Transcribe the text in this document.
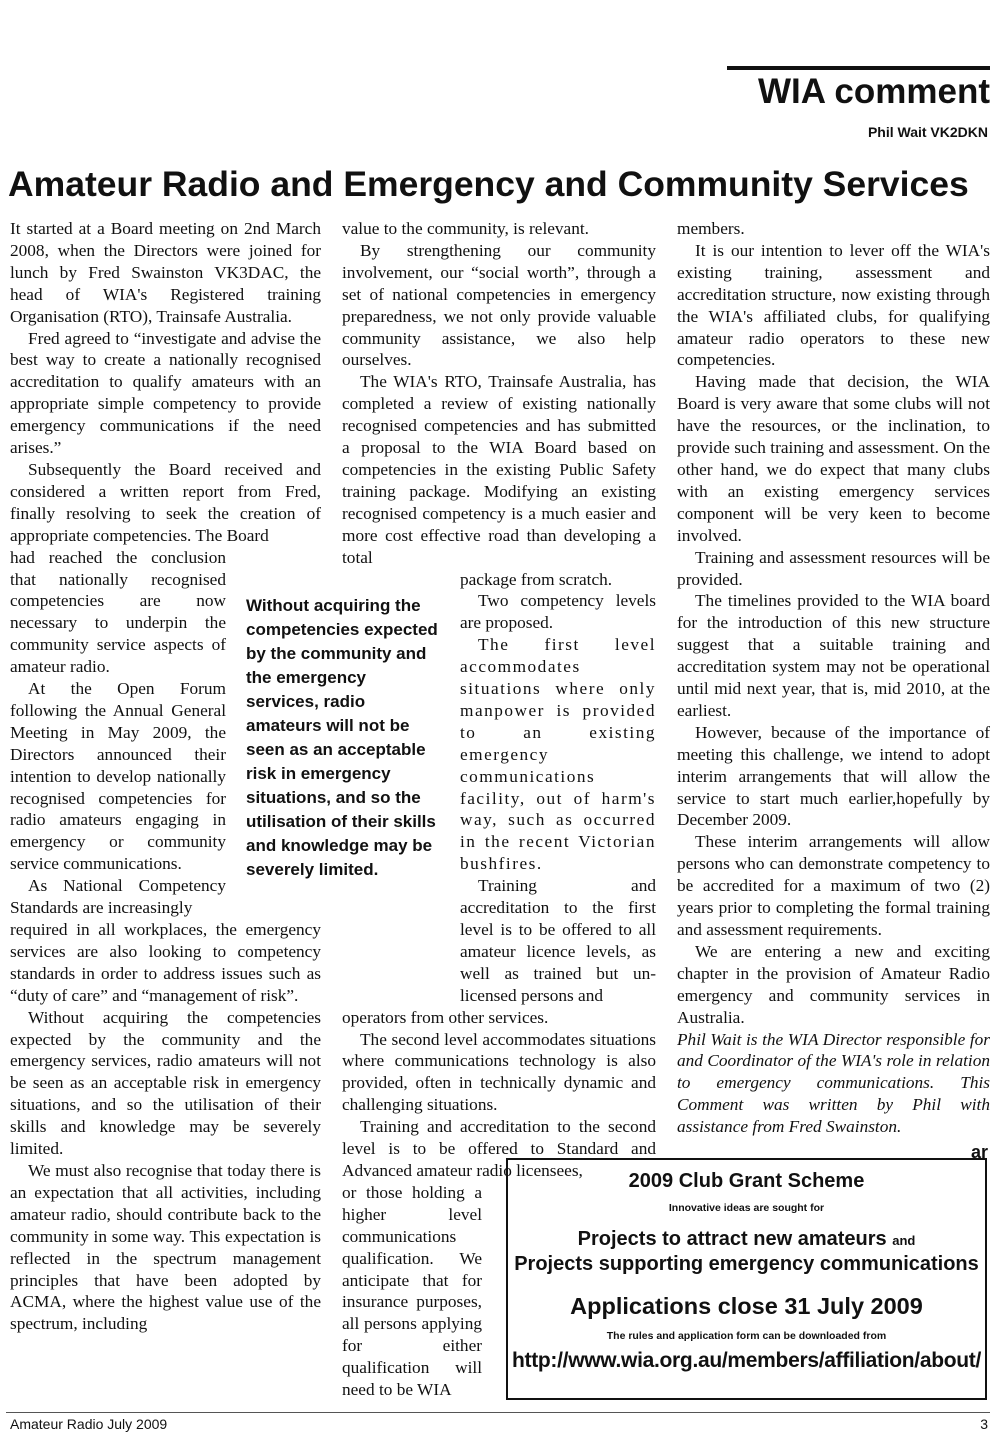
WIA comment
Phil Wait VK2DKN
Amateur Radio and Emergency and Community Services

It started at a Board meeting on 2nd March 2008, when the Directors were joined for lunch by Fred Swainston VK3DAC, the head of WIA's Registered training Organisation (RTO), Trainsafe Australia.

Fred agreed to “investigate and advise the best way to create a nationally recognised accreditation to qualify amateurs with an appropriate simple competency to provide emergency communications if the need arises.”

Subsequently the Board received and considered a written report from Fred, finally resolving to seek the creation of appropriate competencies. The Board

had reached the conclusion that nationally recognised competencies are now necessary to underpin the community service aspects of amateur radio.

At the Open Forum following the Annual General Meeting in May 2009, the Directors announced their intention to develop nationally recognised competencies for radio amateurs engaging in emergency or community service communications.

As National Competency Standards are increasingly

required in all workplaces, the emergency services are also looking to competency standards in order to address issues such as “duty of care” and “management of risk”.

Without acquiring the competencies expected by the community and the emergency services, radio amateurs will not be seen as an acceptable risk in emergency situations, and so the utilisation of their skills and knowledge may be severely limited.

We must also recognise that today there is an expectation that all activities, including amateur radio, should contribute back to the community in some way. This expectation is reflected in the spectrum management principles that have been adopted by ACMA, where the highest value use of the spectrum, including

Without acquiring the competencies expected by the community and the emergency services, radio amateurs will not be seen as an acceptable risk in emergency situations, and so the utilisation of their skills and knowledge may be severely limited.

value to the community, is relevant.

By strengthening our community involvement, our “social worth”, through a set of national competencies in emergency preparedness, we not only provide valuable community assistance, we also help ourselves.

The WIA's RTO, Trainsafe Australia, has completed a review of existing nationally recognised competencies and has submitted a proposal to the WIA Board based on competencies in the existing Public Safety training package. Modifying an existing recognised competency is a much easier and more cost effective road than developing a total

package from scratch.

Two competency levels are proposed.

The first level accommodates situations where only manpower is provided to an existing emergency communications facility, out of harm's way, such as occurred in the recent Victorian bushfires.

Training and accreditation to the first level is to be offered to all amateur licence levels, as well as trained but un-licensed persons and

operators from other services.

The second level accommodates situations where communications technology is also provided, often in technically dynamic and challenging situations.

Training and accreditation to the second level is to be offered to Standard and Advanced amateur radio licensees,

or those holding a higher level communications qualification. We anticipate that for insurance purposes, all persons applying for either qualification will need to be WIA

members.

It is our intention to lever off the WIA's existing training, assessment and accreditation structure, now existing through the WIA's affiliated clubs, for qualifying amateur radio operators to these new competencies.

Having made that decision, the WIA Board is very aware that some clubs will not have the resources, or the inclination, to provide such training and assessment. On the other hand, we do expect that many clubs with an existing emergency services component will be very keen to become involved.

Training and assessment resources will be provided.

The timelines provided to the WIA board for the introduction of this new structure suggest that a suitable training and accreditation system may not be operational until mid next year, that is, mid 2010, at the earliest.

However, because of the importance of meeting this challenge, we intend to adopt interim arrangements that will allow the service to start much earlier,hopefully by December 2009.

These interim arrangements will allow persons who can demonstrate competency to be accredited for a maximum of two (2) years prior to completing the formal training and assessment requirements.

We are entering a new and exciting chapter in the provision of Amateur Radio emergency and community services in Australia.

Phil Wait is the WIA Director responsible for and Coordinator of the WIA's role in relation to emergency communications. This Comment was written by Phil with assistance from Fred Swainston.

ar
2009 Club Grant Scheme
Innovative ideas are sought for
Projects to attract new amateurs and
Projects supporting emergency communications
Applications close 31 July 2009
The rules and application form can be downloaded from
http://www.wia.org.au/members/affiliation/about/
Amateur Radio July 2009	3
